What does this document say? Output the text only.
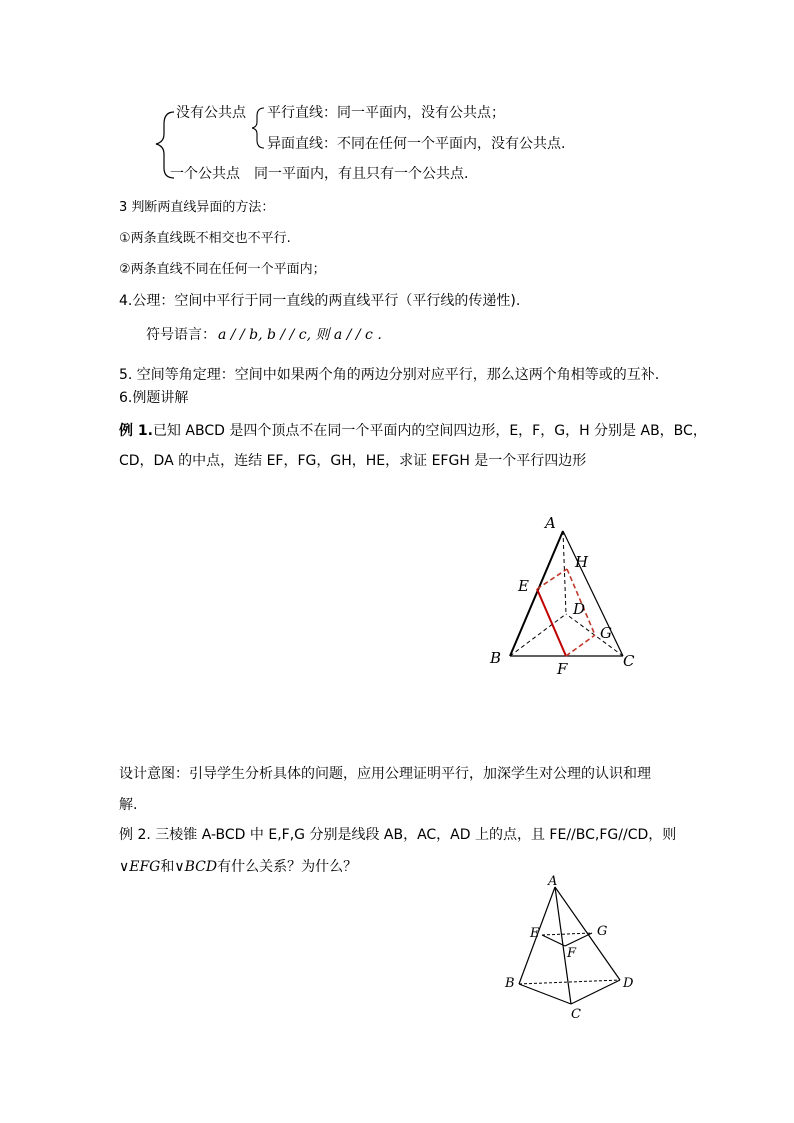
没有公共点 平行直线：同一平面内，没有公共点；
异面直线：不同在任何一个平面内，没有公共点.
一个公共点 同一平面内，有且只有一个公共点.
3 判断两直线异面的方法：
①两条直线既不相交也不平行.
②两条直线不同在任何一个平面内；
4.公理：空间中平行于同一直线的两直线平行（平行线的传递性).
符号语言： a / / b, b / / c, 则 a / / c .
5. 空间等角定理：空间中如果两个角的两边分别对应平行，那么这两个角相等或的互补.
6.例题讲解
例 1.已知 ABCD 是四个顶点不在同一个平面内的空间四边形，E，F，G，H 分别是 AB，BC，
CD，DA 的中点，连结 EF，FG，GH，HE，求证 EFGH 是一个平行四边形
A
H
E
D
G
B	C
F
设计意图：引导学生分析具体的问题，应用公理证明平行，加深学生对公理的认识和理
解.
例 2. 三棱锥 A-BCD 中 E,F,G 分别是线段 AB，AC，AD 上的点，且 FE//BC,FG//CD，则
∨EFG和∨BCD有什么关系？为什么？
A
E	G
F
B	D
C
